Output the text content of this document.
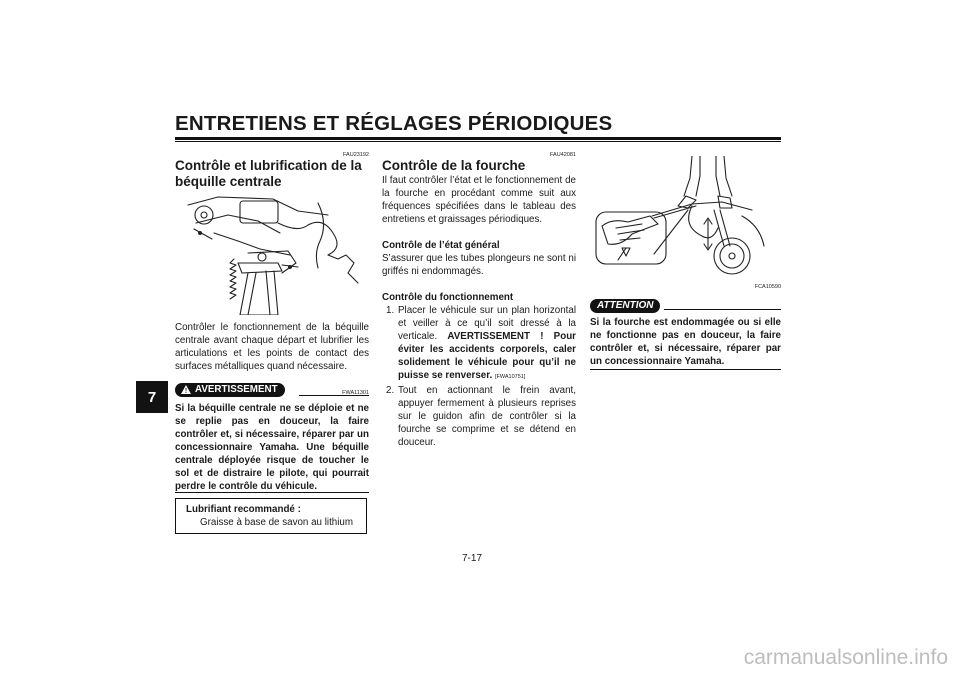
ENTRETIENS ET RÉGLAGES PÉRIODIQUES
7
FAU23192
Contrôle et lubrification de la béquille centrale

Contrôler le fonctionnement de la béquille centrale avant chaque départ et lubrifier les articulations et les points de contact des surfaces métalliques quand nécessaire.

AVERTISSEMENT	FWA11301

Si la béquille centrale ne se déploie et ne se replie pas en douceur, la faire contrôler et, si nécessaire, réparer par un concessionnaire Yamaha. Une béquille centrale déployée risque de toucher le sol et de distraire le pilote, qui pourrait perdre le contrôle du véhicule.

Lubrifiant recommandé :
Graisse à base de savon au lithium
FAU42081
Contrôle de la fourche

Il faut contrôler l’état et le fonctionnement de la fourche en procédant comme suit aux fréquences spécifiées dans le tableau des entretiens et graissages périodiques.

Contrôle de l’état général

S’assurer que les tubes plongeurs ne sont ni griffés ni endommagés.

Contrôle du fonctionnement
1. Placer le véhicule sur un plan horizontal et veiller à ce qu’il soit dressé à la verticale. AVERTISSEMENT ! Pour éviter les accidents corporels, caler solidement le véhicule pour qu’il ne puisse se renverser. [FWA10751]
2. Tout en actionnant le frein avant, appuyer fermement à plusieurs reprises sur le guidon afin de contrôler si la fourche se comprime et se détend en douceur.
FCA10590
ATTENTION

Si la fourche est endommagée ou si elle ne fonctionne pas en douceur, la faire contrôler et, si nécessaire, réparer par un concessionnaire Yamaha.

7-17
carmanualsonline.info
